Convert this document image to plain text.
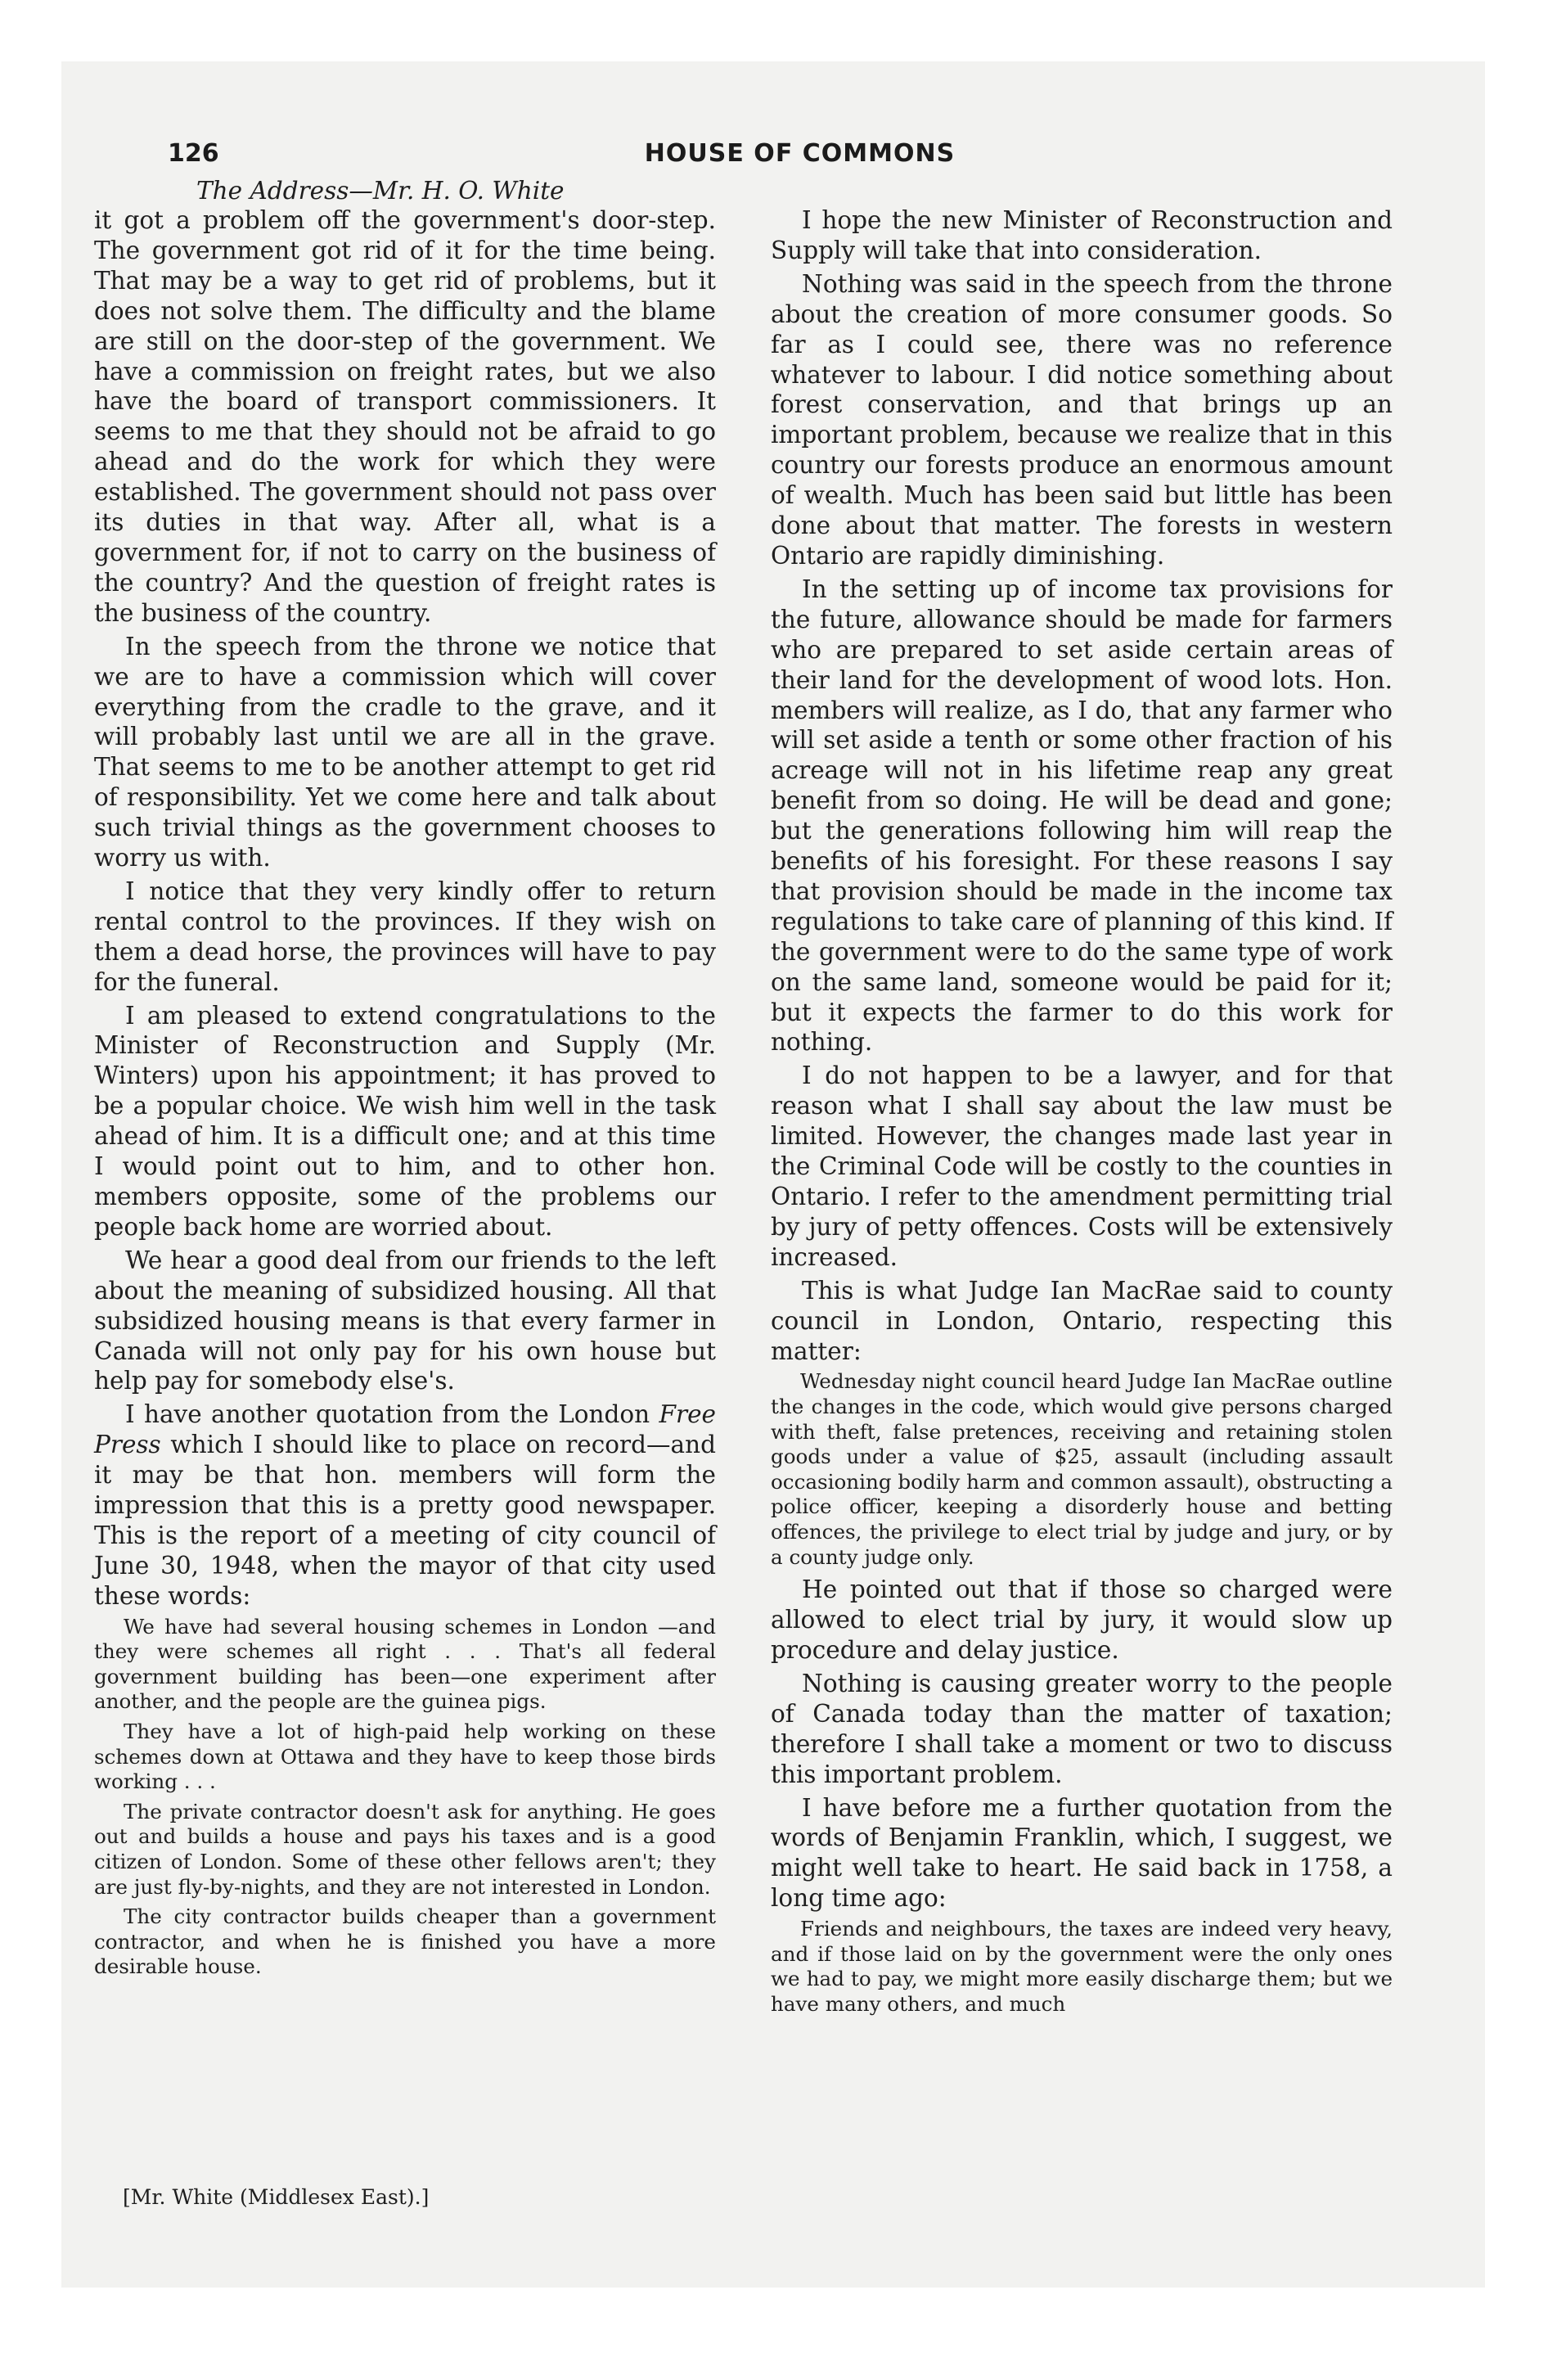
126	HOUSE OF COMMONS
The Address—Mr. H. O. White

it got a problem off the government's door-step. The government got rid of it for the time being. That may be a way to get rid of problems, but it does not solve them. The difficulty and the blame are still on the door-step of the government. We have a commission on freight rates, but we also have the board of transport commissioners. It seems to me that they should not be afraid to go ahead and do the work for which they were established. The government should not pass over its duties in that way. After all, what is a government for, if not to carry on the business of the country? And the question of freight rates is the business of the country.

In the speech from the throne we notice that we are to have a commission which will cover everything from the cradle to the grave, and it will probably last until we are all in the grave. That seems to me to be another attempt to get rid of responsibility. Yet we come here and talk about such trivial things as the government chooses to worry us with.

I notice that they very kindly offer to return rental control to the provinces. If they wish on them a dead horse, the provinces will have to pay for the funeral.

I am pleased to extend congratulations to the Minister of Reconstruction and Supply (Mr. Winters) upon his appointment; it has proved to be a popular choice. We wish him well in the task ahead of him. It is a difficult one; and at this time I would point out to him, and to other hon. members opposite, some of the problems our people back home are worried about.

We hear a good deal from our friends to the left about the meaning of subsidized housing. All that subsidized housing means is that every farmer in Canada will not only pay for his own house but help pay for somebody else's.

I have another quotation from the London Free Press which I should like to place on record—and it may be that hon. members will form the impression that this is a pretty good newspaper. This is the report of a meeting of city council of June 30, 1948, when the mayor of that city used these words:

We have had several housing schemes in London —and they were schemes all right . . . That's all federal government building has been—one experiment after another, and the people are the guinea pigs.
They have a lot of high-paid help working on these schemes down at Ottawa and they have to keep those birds working . . .
The private contractor doesn't ask for anything. He goes out and builds a house and pays his taxes and is a good citizen of London. Some of these other fellows aren't; they are just fly-by-nights, and they are not interested in London.
The city contractor builds cheaper than a government contractor, and when he is finished you have a more desirable house.

I hope the new Minister of Reconstruction and Supply will take that into consideration.

Nothing was said in the speech from the throne about the creation of more consumer goods. So far as I could see, there was no reference whatever to labour. I did notice something about forest conservation, and that brings up an important problem, because we realize that in this country our forests produce an enormous amount of wealth. Much has been said but little has been done about that matter. The forests in western Ontario are rapidly diminishing.

In the setting up of income tax provisions for the future, allowance should be made for farmers who are prepared to set aside certain areas of their land for the development of wood lots. Hon. members will realize, as I do, that any farmer who will set aside a tenth or some other fraction of his acreage will not in his lifetime reap any great benefit from so doing. He will be dead and gone; but the generations following him will reap the benefits of his foresight. For these reasons I say that provision should be made in the income tax regulations to take care of planning of this kind. If the government were to do the same type of work on the same land, someone would be paid for it; but it expects the farmer to do this work for nothing.

I do not happen to be a lawyer, and for that reason what I shall say about the law must be limited. However, the changes made last year in the Criminal Code will be costly to the counties in Ontario. I refer to the amendment permitting trial by jury of petty offences. Costs will be extensively increased.

This is what Judge Ian MacRae said to county council in London, Ontario, respecting this matter:

Wednesday night council heard Judge Ian MacRae outline the changes in the code, which would give persons charged with theft, false pretences, receiving and retaining stolen goods under a value of $25, assault (including assault occasioning bodily harm and common assault), obstructing a police officer, keeping a disorderly house and betting offences, the privilege to elect trial by judge and jury, or by a county judge only.

He pointed out that if those so charged were allowed to elect trial by jury, it would slow up procedure and delay justice.

Nothing is causing greater worry to the people of Canada today than the matter of taxation; therefore I shall take a moment or two to discuss this important problem.

I have before me a further quotation from the words of Benjamin Franklin, which, I suggest, we might well take to heart. He said back in 1758, a long time ago:

Friends and neighbours, the taxes are indeed very heavy, and if those laid on by the government were the only ones we had to pay, we might more easily discharge them; but we have many others, and much
[Mr. White (Middlesex East).]
